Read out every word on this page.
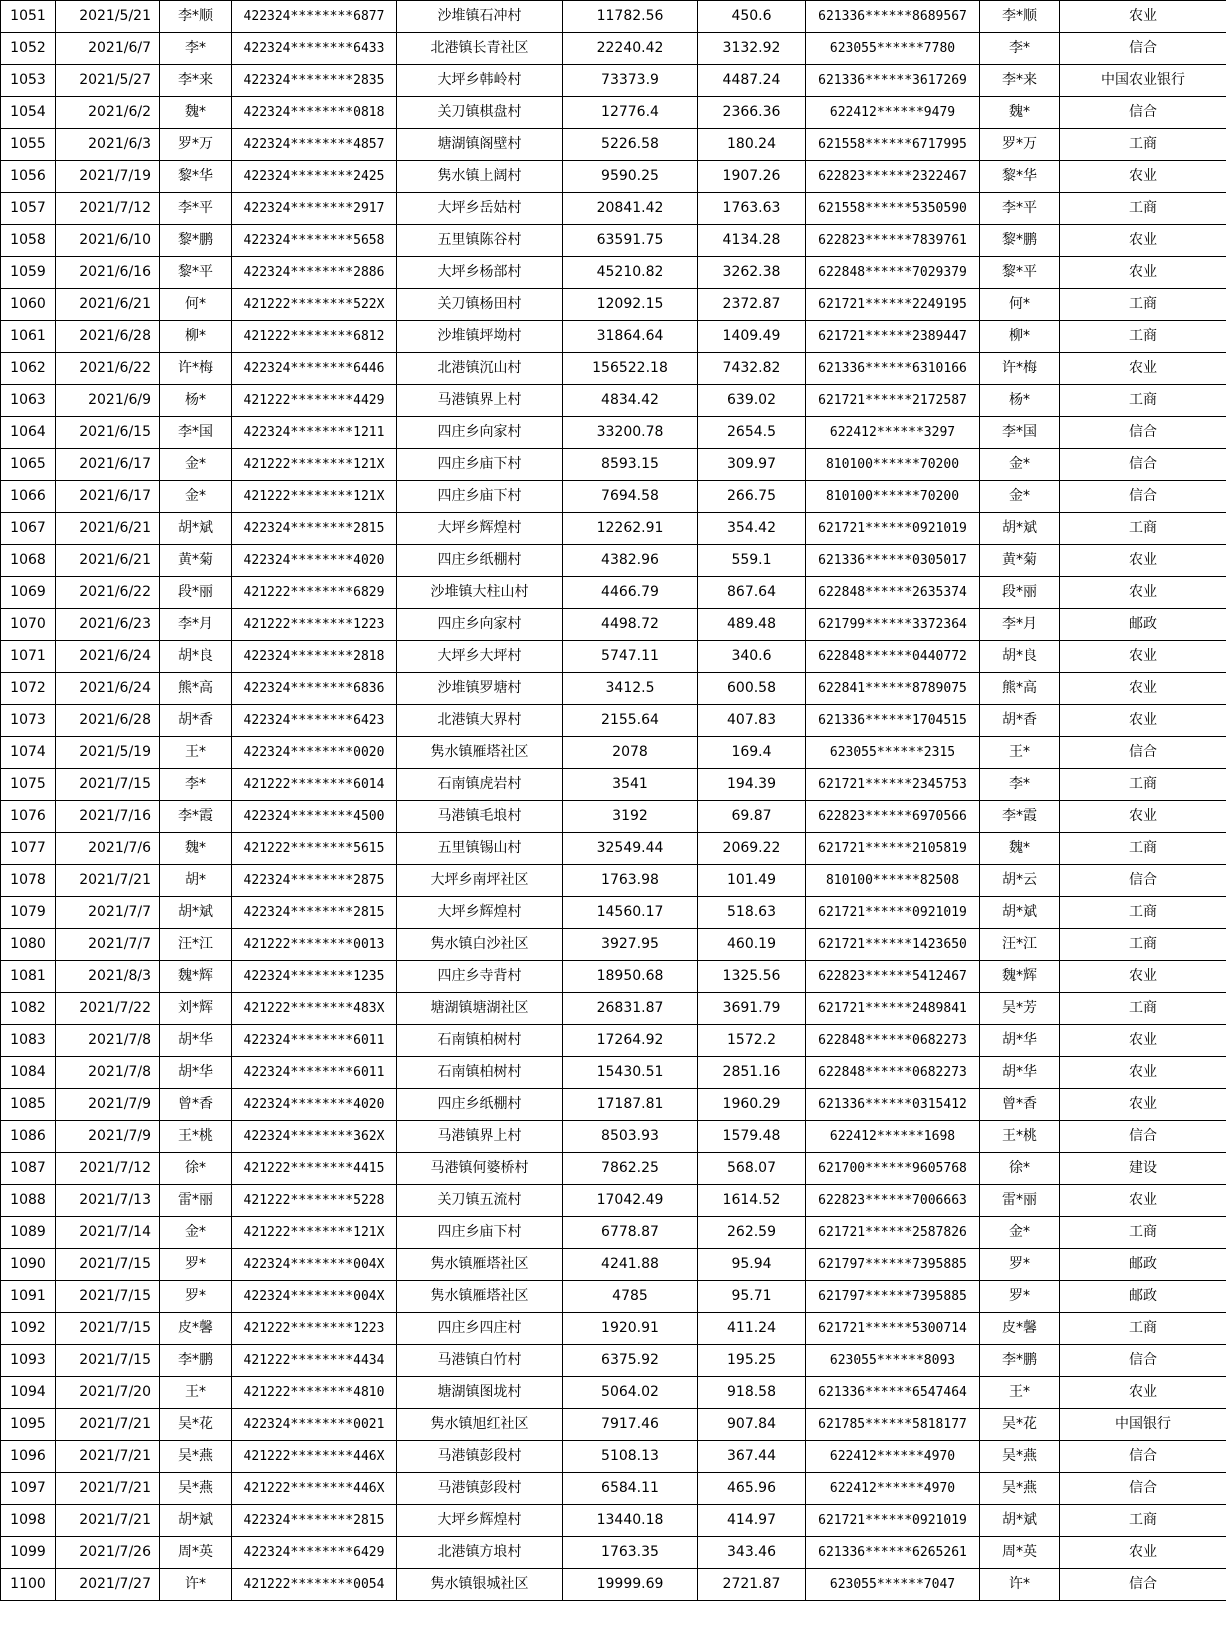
1051	2021/5/21	李*顺	422324********6877	沙堆镇石冲村	11782.56	450.6	621336******8689567	李*顺	农业
1052	2021/6/7	李*	422324********6433	北港镇长青社区	22240.42	3132.92	623055******7780	李*	信合
1053	2021/5/27	李*来	422324********2835	大坪乡韩岭村	73373.9	4487.24	621336******3617269	李*来	中国农业银行
1054	2021/6/2	魏*	422324********0818	关刀镇棋盘村	12776.4	2366.36	622412******9479	魏*	信合
1055	2021/6/3	罗*万	422324********4857	塘湖镇阁壁村	5226.58	180.24	621558******6717995	罗*万	工商
1056	2021/7/19	黎*华	422324********2425	隽水镇上阔村	9590.25	1907.26	622823******2322467	黎*华	农业
1057	2021/7/12	李*平	422324********2917	大坪乡岳姑村	20841.42	1763.63	621558******5350590	李*平	工商
1058	2021/6/10	黎*鹏	422324********5658	五里镇陈谷村	63591.75	4134.28	622823******7839761	黎*鹏	农业
1059	2021/6/16	黎*平	422324********2886	大坪乡杨部村	45210.82	3262.38	622848******7029379	黎*平	农业
1060	2021/6/21	何*	421222********522X	关刀镇杨田村	12092.15	2372.87	621721******2249195	何*	工商
1061	2021/6/28	柳*	421222********6812	沙堆镇坪坳村	31864.64	1409.49	621721******2389447	柳*	工商
1062	2021/6/22	许*梅	422324********6446	北港镇沉山村	156522.18	7432.82	621336******6310166	许*梅	农业
1063	2021/6/9	杨*	421222********4429	马港镇界上村	4834.42	639.02	621721******2172587	杨*	工商
1064	2021/6/15	李*国	422324********1211	四庄乡向家村	33200.78	2654.5	622412******3297	李*国	信合
1065	2021/6/17	金*	421222********121X	四庄乡庙下村	8593.15	309.97	810100******70200	金*	信合
1066	2021/6/17	金*	421222********121X	四庄乡庙下村	7694.58	266.75	810100******70200	金*	信合
1067	2021/6/21	胡*斌	422324********2815	大坪乡辉煌村	12262.91	354.42	621721******0921019	胡*斌	工商
1068	2021/6/21	黄*菊	422324********4020	四庄乡纸棚村	4382.96	559.1	621336******0305017	黄*菊	农业
1069	2021/6/22	段*丽	421222********6829	沙堆镇大柱山村	4466.79	867.64	622848******2635374	段*丽	农业
1070	2021/6/23	李*月	421222********1223	四庄乡向家村	4498.72	489.48	621799******3372364	李*月	邮政
1071	2021/6/24	胡*良	422324********2818	大坪乡大坪村	5747.11	340.6	622848******0440772	胡*良	农业
1072	2021/6/24	熊*高	422324********6836	沙堆镇罗塘村	3412.5	600.58	622841******8789075	熊*高	农业
1073	2021/6/28	胡*香	422324********6423	北港镇大界村	2155.64	407.83	621336******1704515	胡*香	农业
1074	2021/5/19	王*	422324********0020	隽水镇雁塔社区	2078	169.4	623055******2315	王*	信合
1075	2021/7/15	李*	421222********6014	石南镇虎岩村	3541	194.39	621721******2345753	李*	工商
1076	2021/7/16	李*霞	422324********4500	马港镇毛埌村	3192	69.87	622823******6970566	李*霞	农业
1077	2021/7/6	魏*	421222********5615	五里镇锡山村	32549.44	2069.22	621721******2105819	魏*	工商
1078	2021/7/21	胡*	422324********2875	大坪乡南坪社区	1763.98	101.49	810100******82508	胡*云	信合
1079	2021/7/7	胡*斌	422324********2815	大坪乡辉煌村	14560.17	518.63	621721******0921019	胡*斌	工商
1080	2021/7/7	汪*江	421222********0013	隽水镇白沙社区	3927.95	460.19	621721******1423650	汪*江	工商
1081	2021/8/3	魏*辉	422324********1235	四庄乡寺背村	18950.68	1325.56	622823******5412467	魏*辉	农业
1082	2021/7/22	刘*辉	421222********483X	塘湖镇塘湖社区	26831.87	3691.79	621721******2489841	吴*芳	工商
1083	2021/7/8	胡*华	422324********6011	石南镇柏树村	17264.92	1572.2	622848******0682273	胡*华	农业
1084	2021/7/8	胡*华	422324********6011	石南镇柏树村	15430.51	2851.16	622848******0682273	胡*华	农业
1085	2021/7/9	曾*香	422324********4020	四庄乡纸棚村	17187.81	1960.29	621336******0315412	曾*香	农业
1086	2021/7/9	王*桃	422324********362X	马港镇界上村	8503.93	1579.48	622412******1698	王*桃	信合
1087	2021/7/12	徐*	421222********4415	马港镇何婆桥村	7862.25	568.07	621700******9605768	徐*	建设
1088	2021/7/13	雷*丽	421222********5228	关刀镇五流村	17042.49	1614.52	622823******7006663	雷*丽	农业
1089	2021/7/14	金*	421222********121X	四庄乡庙下村	6778.87	262.59	621721******2587826	金*	工商
1090	2021/7/15	罗*	422324********004X	隽水镇雁塔社区	4241.88	95.94	621797******7395885	罗*	邮政
1091	2021/7/15	罗*	422324********004X	隽水镇雁塔社区	4785	95.71	621797******7395885	罗*	邮政
1092	2021/7/15	皮*馨	421222********1223	四庄乡四庄村	1920.91	411.24	621721******5300714	皮*馨	工商
1093	2021/7/15	李*鹏	421222********4434	马港镇白竹村	6375.92	195.25	623055******8093	李*鹏	信合
1094	2021/7/20	王*	421222********4810	塘湖镇图垅村	5064.02	918.58	621336******6547464	王*	农业
1095	2021/7/21	吴*花	422324********0021	隽水镇旭红社区	7917.46	907.84	621785******5818177	吴*花	中国银行
1096	2021/7/21	吴*燕	421222********446X	马港镇彭段村	5108.13	367.44	622412******4970	吴*燕	信合
1097	2021/7/21	吴*燕	421222********446X	马港镇彭段村	6584.11	465.96	622412******4970	吴*燕	信合
1098	2021/7/21	胡*斌	422324********2815	大坪乡辉煌村	13440.18	414.97	621721******0921019	胡*斌	工商
1099	2021/7/26	周*英	422324********6429	北港镇方埌村	1763.35	343.46	621336******6265261	周*英	农业
1100	2021/7/27	许*	421222********0054	隽水镇银城社区	19999.69	2721.87	623055******7047	许*	信合
